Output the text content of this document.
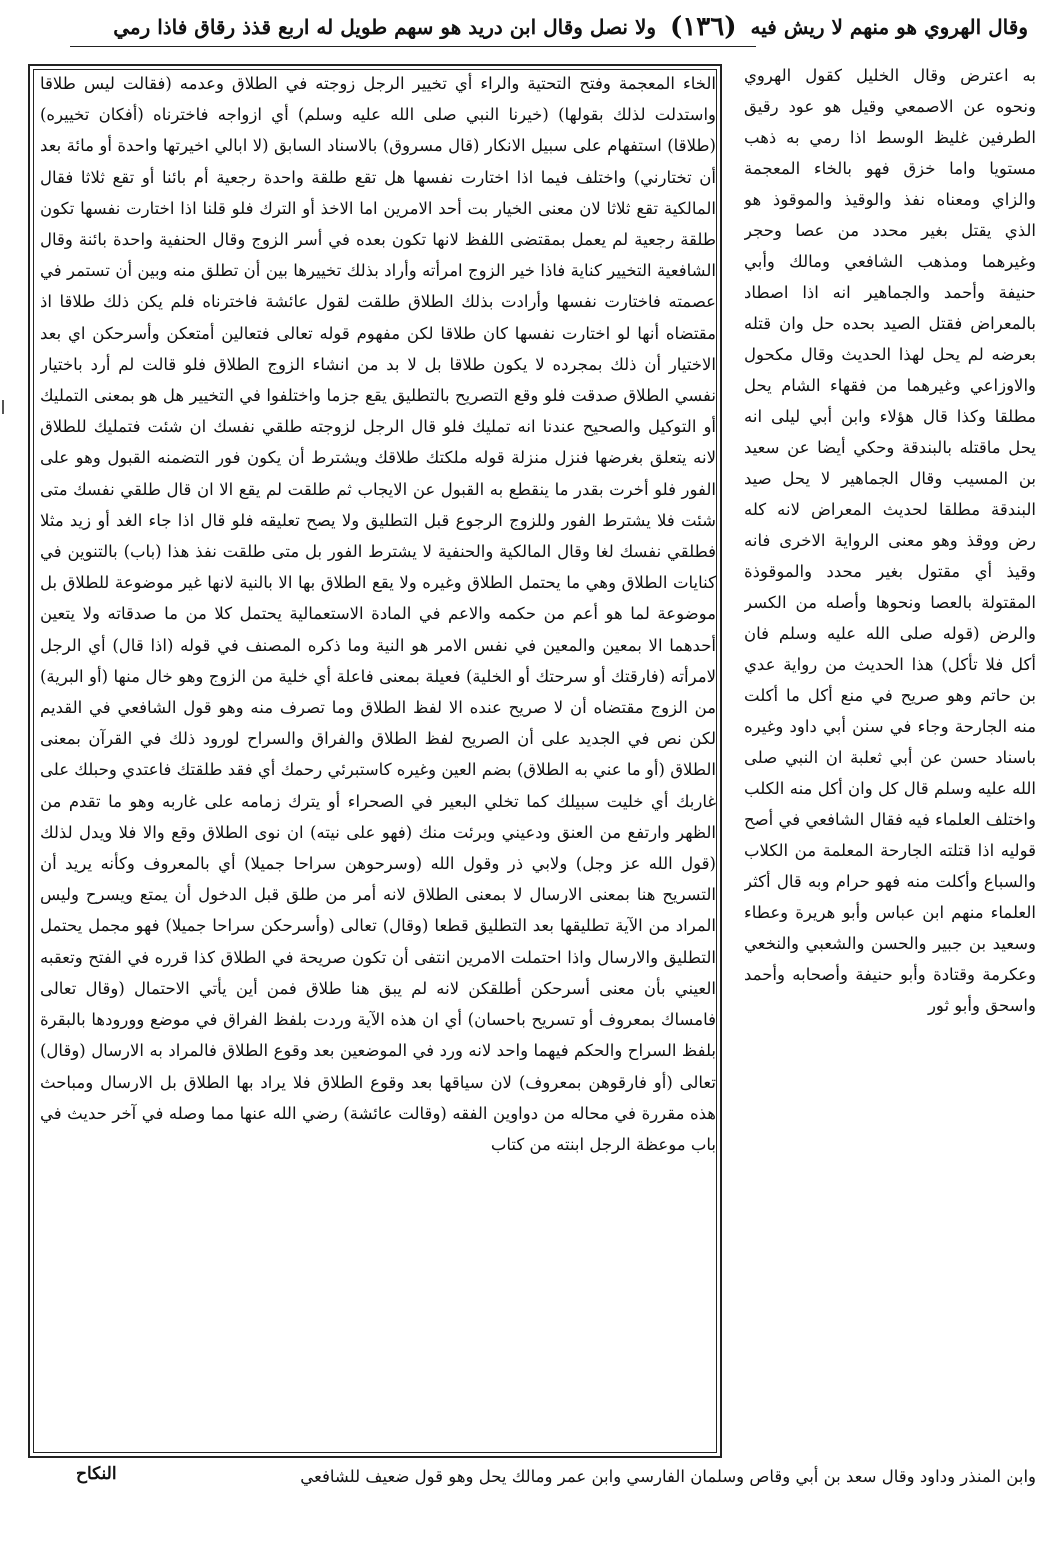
وقال الهروي هو منهم لا ريش فيه
(١٣٦)
ولا نصل وقال ابن دريد هو سهم طويل له اربع قذذ رقاق فاذا رمي
به اعترض وقال الخليل كقول الهروي ونحوه عن الاصمعي وقيل هو عود رقيق الطرفين غليظ الوسط اذا رمي به ذهب مستويا واما خزق فهو بالخاء المعجمة والزاي ومعناه نفذ والوقيذ والموقوذ هو الذي يقتل بغير محدد من عصا وحجر وغيرهما ومذهب الشافعي ومالك وأبي حنيفة وأحمد والجماهير انه اذا اصطاد بالمعراض فقتل الصيد بحده حل وان قتله بعرضه لم يحل لهذا الحديث وقال مكحول والاوزاعي وغيرهما من فقهاء الشام يحل مطلقا وكذا قال هؤلاء وابن أبي ليلى انه يحل ماقتله بالبندقة وحكي أيضا عن سعيد بن المسيب وقال الجماهير لا يحل صيد البندقة مطلقا لحديث المعراض لانه كله رض ووقذ وهو معنى الرواية الاخرى فانه وقيذ أي مقتول بغير محدد والموقوذة المقتولة بالعصا ونحوها وأصله من الكسر والرض (قوله صلى الله عليه وسلم فان أكل فلا تأكل) هذا الحديث من رواية عدي بن حاتم وهو صريح في منع أكل ما أكلت منه الجارحة وجاء في سنن أبي داود وغيره باسناد حسن عن أبي ثعلبة ان النبي صلى الله عليه وسلم قال كل وان أكل منه الكلب واختلف العلماء فيه فقال الشافعي في أصح قوليه اذا قتلته الجارحة المعلمة من الكلاب والسباع وأكلت منه فهو حرام وبه قال أكثر العلماء منهم ابن عباس وأبو هريرة وعطاء وسعيد بن جبير والحسن والشعبي والنخعي وعكرمة وقتادة وأبو حنيفة وأصحابه وأحمد واسحق وأبو ثور
الخاء المعجمة وفتح التحتية والراء أي تخيير الرجل زوجته في الطلاق وعدمه (فقالت ليس طلاقا واستدلت لذلك بقولها) (خيرنا النبي صلى الله عليه وسلم) أي ازواجه فاخترناه (أفكان تخييره) (طلاقا) استفهام على سبيل الانكار (قال مسروق) بالاسناد السابق (لا ابالي اخيرتها واحدة أو مائة بعد أن تختارني) واختلف فيما اذا اختارت نفسها هل تقع طلقة واحدة رجعية أم بائنا أو تقع ثلاثا فقال المالكية تقع ثلاثا لان معنى الخيار بت أحد الامرين اما الاخذ أو الترك فلو قلنا اذا اختارت نفسها تكون طلقة رجعية لم يعمل بمقتضى اللفظ لانها تكون بعده في أسر الزوج وقال الحنفية واحدة بائنة وقال الشافعية التخيير كناية فاذا خير الزوج امرأته وأراد بذلك تخييرها بين أن تطلق منه وبين أن تستمر في عصمته فاختارت نفسها وأرادت بذلك الطلاق طلقت لقول عائشة فاخترناه فلم يكن ذلك طلاقا اذ مقتضاه أنها لو اختارت نفسها كان طلاقا لكن مفهوم قوله تعالى فتعالين أمتعكن وأسرحكن اي بعد الاختيار أن ذلك بمجرده لا يكون طلاقا بل لا بد من انشاء الزوج الطلاق فلو قالت لم أرد باختيار نفسي الطلاق صدقت فلو وقع التصريح بالتطليق يقع جزما واختلفوا في التخيير هل هو بمعنى التمليك أو التوكيل والصحيح عندنا انه تمليك فلو قال الرجل لزوجته طلقي نفسك ان شئت فتمليك للطلاق لانه يتعلق بغرضها فنزل منزلة قوله ملكتك طلاقك ويشترط أن يكون فور التضمنه القبول وهو على الفور فلو أخرت بقدر ما ينقطع به القبول عن الايجاب ثم طلقت لم يقع الا ان قال طلقي نفسك متى شئت فلا يشترط الفور وللزوج الرجوع قبل التطليق ولا يصح تعليقه فلو قال اذا جاء الغد أو زيد مثلا فطلقي نفسك لغا وقال المالكية والحنفية لا يشترط الفور بل متى طلقت نفذ هذا (باب) بالتنوين في كنايات الطلاق وهي ما يحتمل الطلاق وغيره ولا يقع الطلاق بها الا بالنية لانها غير موضوعة للطلاق بل موضوعة لما هو أعم من حكمه والاعم في المادة الاستعمالية يحتمل كلا من ما صدقاته ولا يتعين أحدهما الا بمعين والمعين في نفس الامر هو النية وما ذكره المصنف في قوله (اذا قال) أي الرجل لامرأته (فارقتك أو سرحتك أو الخلية) فعيلة بمعنى فاعلة أي خلية من الزوج وهو خال منها (أو البرية) من الزوج مقتضاه أن لا صريح عنده الا لفظ الطلاق وما تصرف منه وهو قول الشافعي في القديم لكن نص في الجديد على أن الصريح لفظ الطلاق والفراق والسراح لورود ذلك في القرآن بمعنى الطلاق (أو ما عني به الطلاق) بضم العين وغيره كاستبرئي رحمك أي فقد طلقتك فاعتدي وحبلك على غاربك أي خليت سبيلك كما تخلي البعير في الصحراء أو يترك زمامه على غاربه وهو ما تقدم من الظهر وارتفع من العنق ودعيني وبرئت منك (فهو على نيته) ان نوى الطلاق وقع والا فلا ويدل لذلك (قول الله عز وجل) ولابي ذر وقول الله (وسرحوهن سراحا جميلا) أي بالمعروف وكأنه يريد أن التسريح هنا بمعنى الارسال لا بمعنى الطلاق لانه أمر من طلق قبل الدخول أن يمتع ويسرح وليس المراد من الآية تطليقها بعد التطليق قطعا (وقال) تعالى (وأسرحكن سراحا جميلا) فهو مجمل يحتمل التطليق والارسال واذا احتملت الامرين انتفى أن تكون صريحة في الطلاق كذا قرره في الفتح وتعقبه العيني بأن معنى أسرحكن أطلقكن لانه لم يبق هنا طلاق فمن أين يأتي الاحتمال (وقال تعالى فامساك بمعروف أو تسريح باحسان) أي ان هذه الآية وردت بلفظ الفراق في موضع وورودها بالبقرة بلفظ السراح والحكم فيهما واحد لانه ورد في الموضعين بعد وقوع الطلاق فالمراد به الارسال (وقال) تعالى (أو فارقوهن بمعروف) لان سياقها بعد وقوع الطلاق فلا يراد بها الطلاق بل الارسال ومباحث هذه مقررة في محاله من دواوين الفقه (وقالت عائشة) رضي الله عنها مما وصله في آخر حديث في باب موعظة الرجل ابنته من كتاب
وابن المنذر وداود وقال سعد بن أبي وقاص وسلمان الفارسي وابن عمر ومالك يحل وهو قول ضعيف للشافعي
النكاح
